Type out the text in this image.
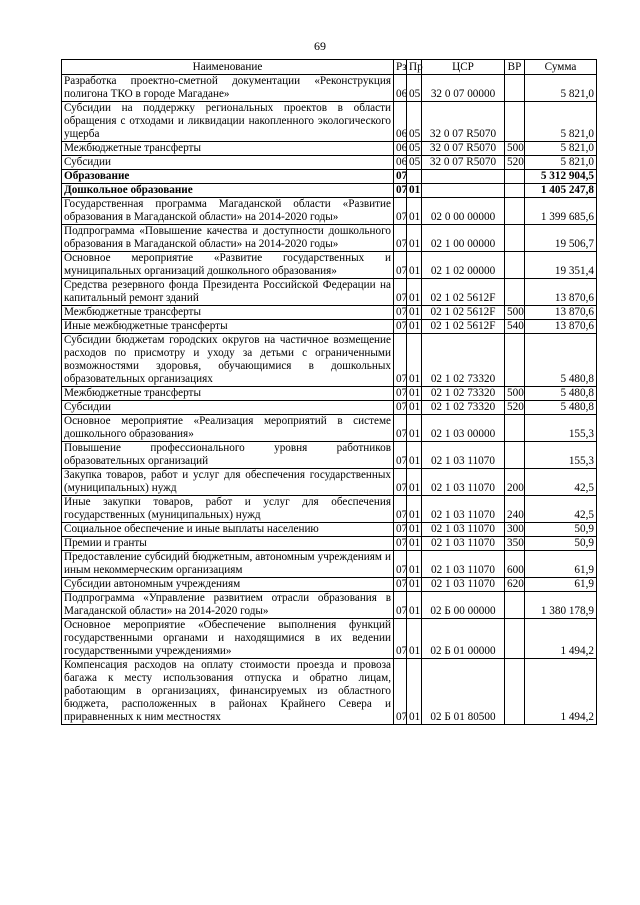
69
Наименование	Рз	Пр	ЦСР	ВР	Сумма
Разработка проектно-сметной документации «Реконструкция полигона ТКО в городе Магадане»	06	05	32 0 07 00000		5 821,0
Субсидии на поддержку региональных проектов в области обращения с отходами и ликвидации накопленного экологического ущерба	06	05	32 0 07 R5070		5 821,0
Межбюджетные трансферты	06	05	32 0 07 R5070	500	5 821,0
Субсидии	06	05	32 0 07 R5070	520	5 821,0
Образование	07				5 312 904,5
Дошкольное образование	07	01			1 405 247,8
Государственная программа Магаданской области «Развитие образования в Магаданской области» на 2014-2020 годы»	07	01	02 0 00 00000		1 399 685,6
Подпрограмма «Повышение качества и доступности дошкольного образования в Магаданской области» на 2014-2020 годы»	07	01	02 1 00 00000		19 506,7
Основное мероприятие «Развитие государственных и муниципальных организаций дошкольного образования»	07	01	02 1 02 00000		19 351,4
Средства резервного фонда Президента Российской Федерации на капитальный ремонт зданий	07	01	02 1 02 5612F		13 870,6
Межбюджетные трансферты	07	01	02 1 02 5612F	500	13 870,6
Иные межбюджетные трансферты	07	01	02 1 02 5612F	540	13 870,6
Субсидии бюджетам городских округов на частичное возмещение расходов по присмотру и уходу за детьми с ограниченными возможностями здоровья, обучающимися в дошкольных образовательных организациях	07	01	02 1 02 73320		5 480,8
Межбюджетные трансферты	07	01	02 1 02 73320	500	5 480,8
Субсидии	07	01	02 1 02 73320	520	5 480,8
Основное мероприятие «Реализация мероприятий в системе дошкольного образования»	07	01	02 1 03 00000		155,3
Повышение профессионального уровня работников образовательных организаций	07	01	02 1 03 11070		155,3
Закупка товаров, работ и услуг для обеспечения государственных (муниципальных) нужд	07	01	02 1 03 11070	200	42,5
Иные закупки товаров, работ и услуг для обеспечения государственных (муниципальных) нужд	07	01	02 1 03 11070	240	42,5
Социальное обеспечение и иные выплаты населению	07	01	02 1 03 11070	300	50,9
Премии и гранты	07	01	02 1 03 11070	350	50,9
Предоставление субсидий бюджетным, автономным учреждениям и иным некоммерческим организациям	07	01	02 1 03 11070	600	61,9
Субсидии автономным учреждениям	07	01	02 1 03 11070	620	61,9
Подпрограмма «Управление развитием отрасли образования в Магаданской области» на 2014-2020 годы»	07	01	02 Б 00 00000		1 380 178,9
Основное мероприятие «Обеспечение выполнения функций государственными органами и находящимися в их ведении государственными учреждениями»	07	01	02 Б 01 00000		1 494,2
Компенсация расходов на оплату стоимости проезда и провоза багажа к месту использования отпуска и обратно лицам, работающим в организациях, финансируемых из областного бюджета, расположенных в районах Крайнего Севера и приравненных к ним местностях	07	01	02 Б 01 80500		1 494,2
